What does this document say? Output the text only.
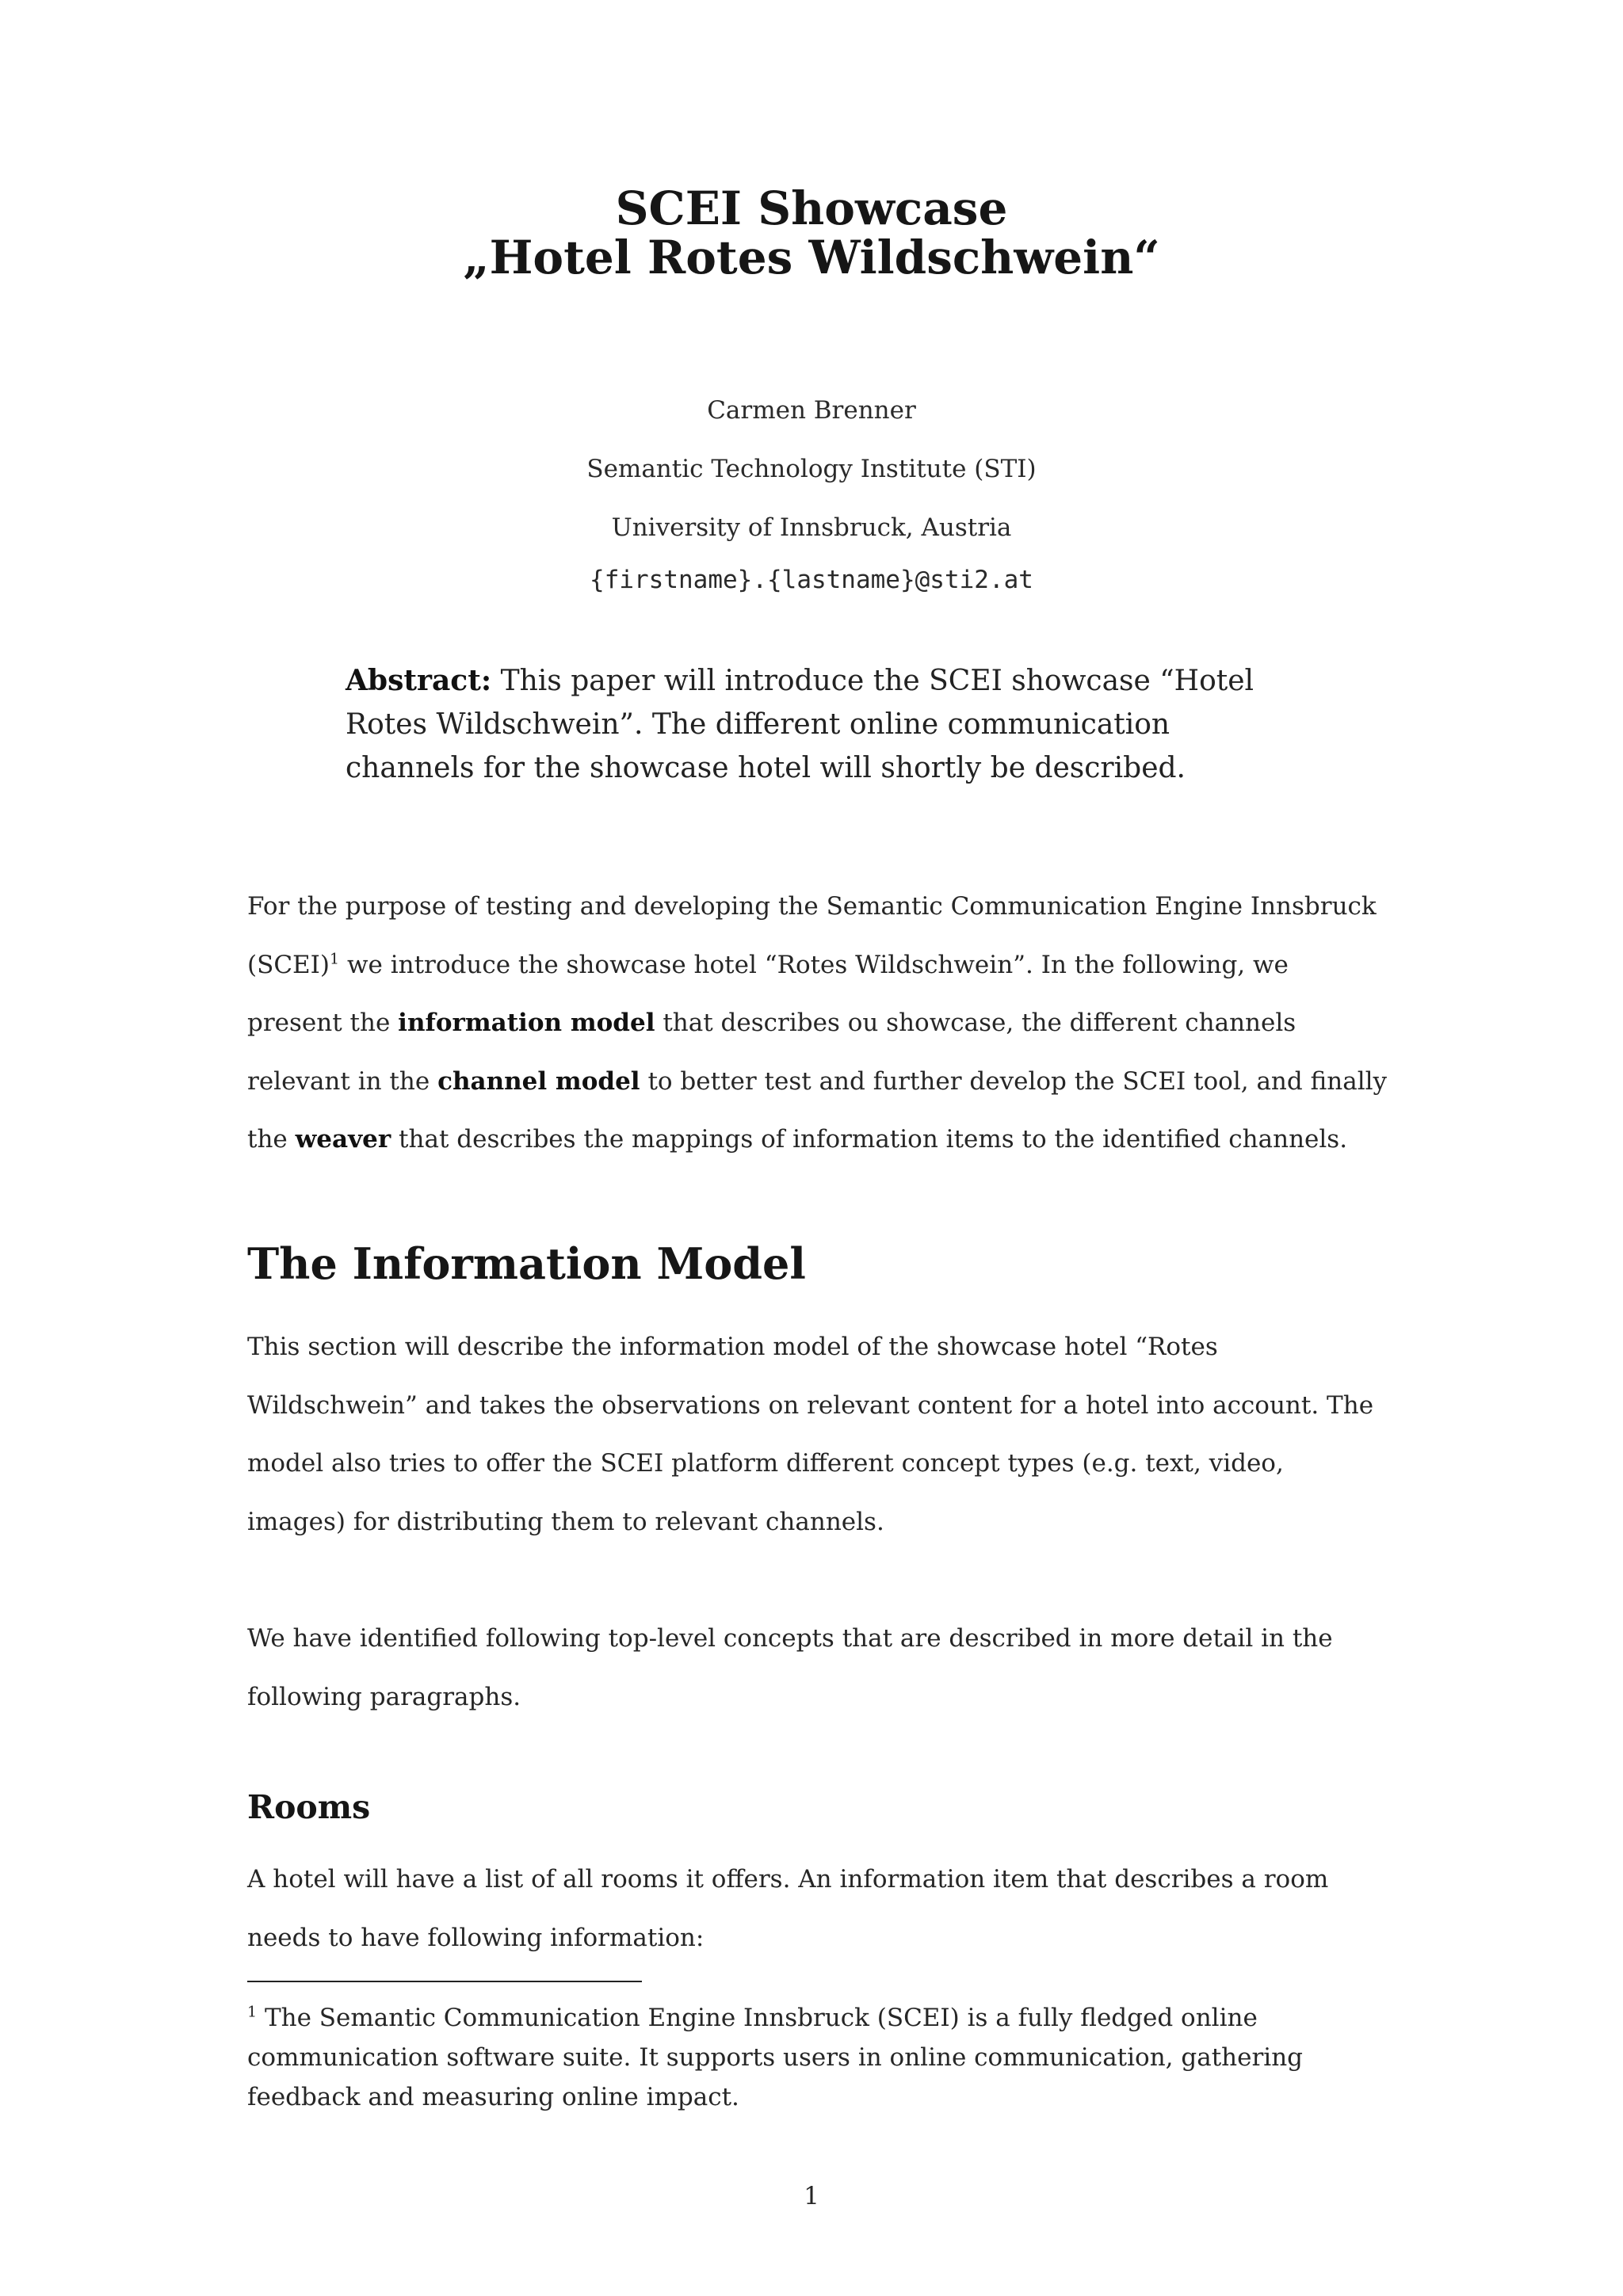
SCEI Showcase
„Hotel Rotes Wildschwein“
Carmen Brenner
Semantic Technology Institute (STI)
University of Innsbruck, Austria
{firstname}.{lastname}@sti2.at
Abstract: This paper will introduce the SCEI showcase “Hotel Rotes Wildschwein”. The different online communication channels for the showcase hotel will shortly be described.
For the purpose of testing and developing the Semantic Communication Engine Innsbruck (SCEI)$^1$ we introduce the showcase hotel “Rotes Wildschwein”. In the following, we present the information model that describes ou showcase, the different channels relevant in the channel model to better test and further develop the SCEI tool, and finally the weaver that describes the mappings of information items to the identified channels.
The Information Model
This section will describe the information model of the showcase hotel “Rotes Wildschwein” and takes the observations on relevant content for a hotel into account. The model also tries to offer the SCEI platform different concept types (e.g. text, video, images) for distributing them to relevant channels.
We have identified following top-level concepts that are described in more detail in the following paragraphs.
Rooms
A hotel will have a list of all rooms it offers. An information item that describes a room needs to have following information:
$^1$ The Semantic Communication Engine Innsbruck (SCEI) is a fully fledged online communication software suite. It supports users in online communication, gathering feedback and measuring online impact.
1
